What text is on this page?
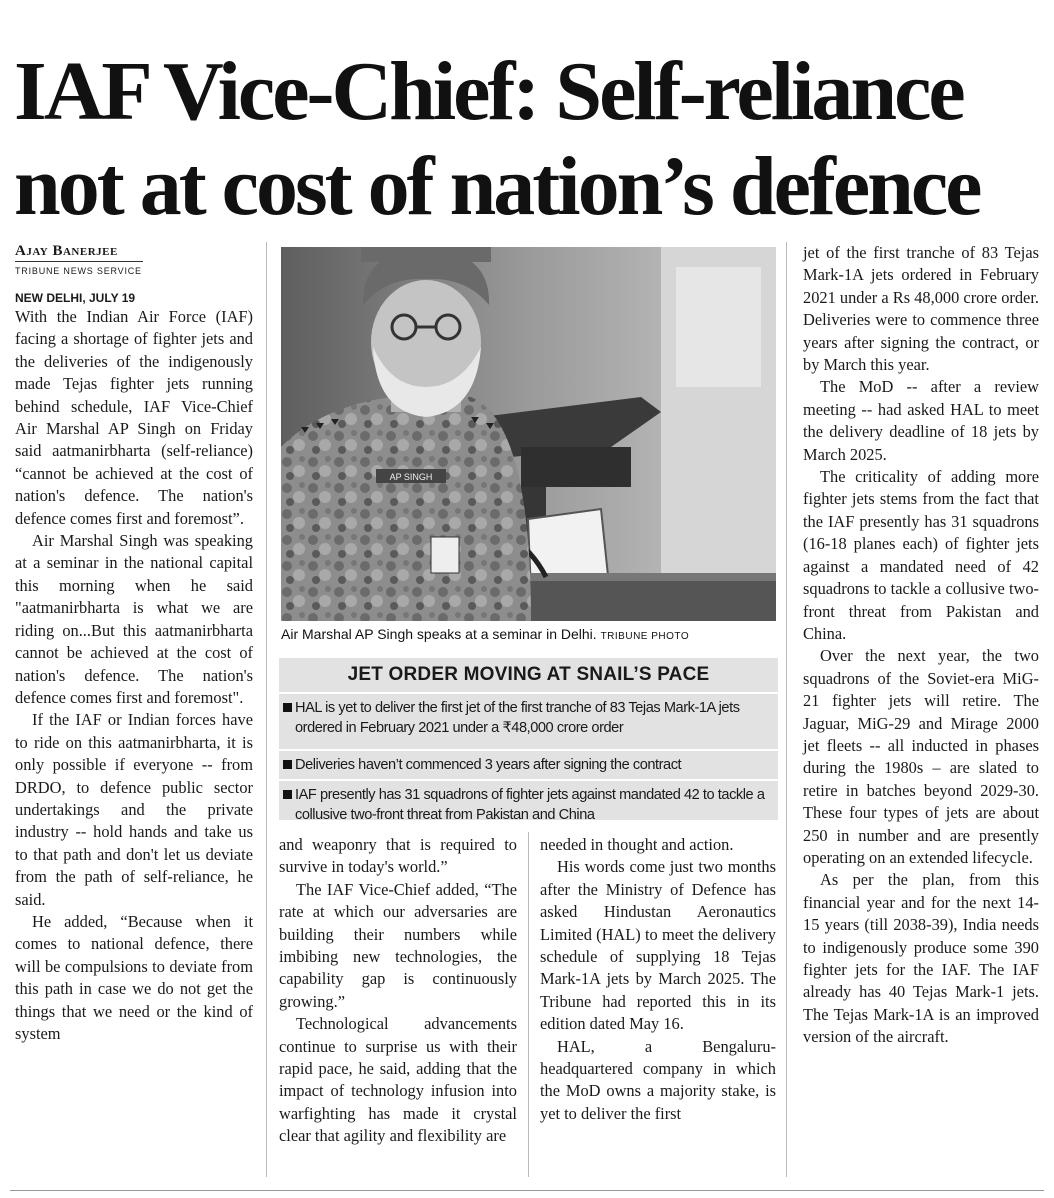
IAF Vice-Chief: Self-reliance
not at cost of nation’s defence
Ajay Banerjee
TRIBUNE NEWS SERVICE
NEW DELHI, JULY 19

With the Indian Air Force (IAF) facing a shortage of fighter jets and the deliveries of the indigenously made Tejas fighter jets running behind schedule, IAF Vice-Chief Air Marshal AP Singh on Friday said aatmanirbharta (self-reliance) “cannot be achieved at the cost of nation's defence. The nation's defence comes first and foremost”.

Air Marshal Singh was speaking at a seminar in the national capital this morning when he said "aatmanirbharta is what we are riding on...But this aatmanirbharta cannot be achieved at the cost of nation's defence. The nation's defence comes first and foremost".

If the IAF or Indian forces have to ride on this aatmanirbharta, it is only possible if everyone -- from DRDO, to defence public sector undertakings and the private industry -- hold hands and take us to that path and don't let us deviate from the path of self-reliance, he said.

He added, “Because when it comes to national defence, there will be compulsions to deviate from this path in case we do not get the things that we need or the kind of system

AP SINGH
Air Marshal AP Singh speaks at a seminar in Delhi. TRIBUNE PHOTO
JET ORDER MOVING AT SNAIL’S PACE
HAL is yet to deliver the first jet of the first tranche of 83 Tejas Mark-1A jets ordered in February 2021 under a ₹48,000 crore order
Deliveries haven’t commenced 3 years after signing the contract
IAF presently has 31 squadrons of fighter jets against mandated 42 to tackle a collusive two-front threat from Pakistan and China

and weaponry that is required to survive in today's world.”

The IAF Vice-Chief added, “The rate at which our adversaries are building their numbers while imbibing new technologies, the capability gap is continuously growing.”

Technological advancements continue to surprise us with their rapid pace, he said, adding that the impact of technology infusion into warfighting has made it crystal clear that agility and flexibility are

needed in thought and action.

His words come just two months after the Ministry of Defence has asked Hindustan Aeronautics Limited (HAL) to meet the delivery schedule of supplying 18 Tejas Mark-1A jets by March 2025. The Tribune had reported this in its edition dated May 16.

HAL, a Bengaluru-headquartered company in which the MoD owns a majority stake, is yet to deliver the first

jet of the first tranche of 83 Tejas Mark-1A jets ordered in February 2021 under a Rs 48,000 crore order. Deliveries were to commence three years after signing the contract, or by March this year.

The MoD -- after a review meeting -- had asked HAL to meet the delivery deadline of 18 jets by March 2025.

The criticality of adding more fighter jets stems from the fact that the IAF presently has 31 squadrons (16-18 planes each) of fighter jets against a mandated need of 42 squadrons to tackle a collusive two-front threat from Pakistan and China.

Over the next year, the two squadrons of the Soviet-era MiG-21 fighter jets will retire. The Jaguar, MiG-29 and Mirage 2000 jet fleets -- all inducted in phases during the 1980s – are slated to retire in batches beyond 2029-30. These four types of jets are about 250 in number and are presently operating on an extended lifecycle.

As per the plan, from this financial year and for the next 14-15 years (till 2038-39), India needs to indigenously produce some 390 fighter jets for the IAF. The IAF already has 40 Tejas Mark-1 jets. The Tejas Mark-1A is an improved version of the aircraft.
